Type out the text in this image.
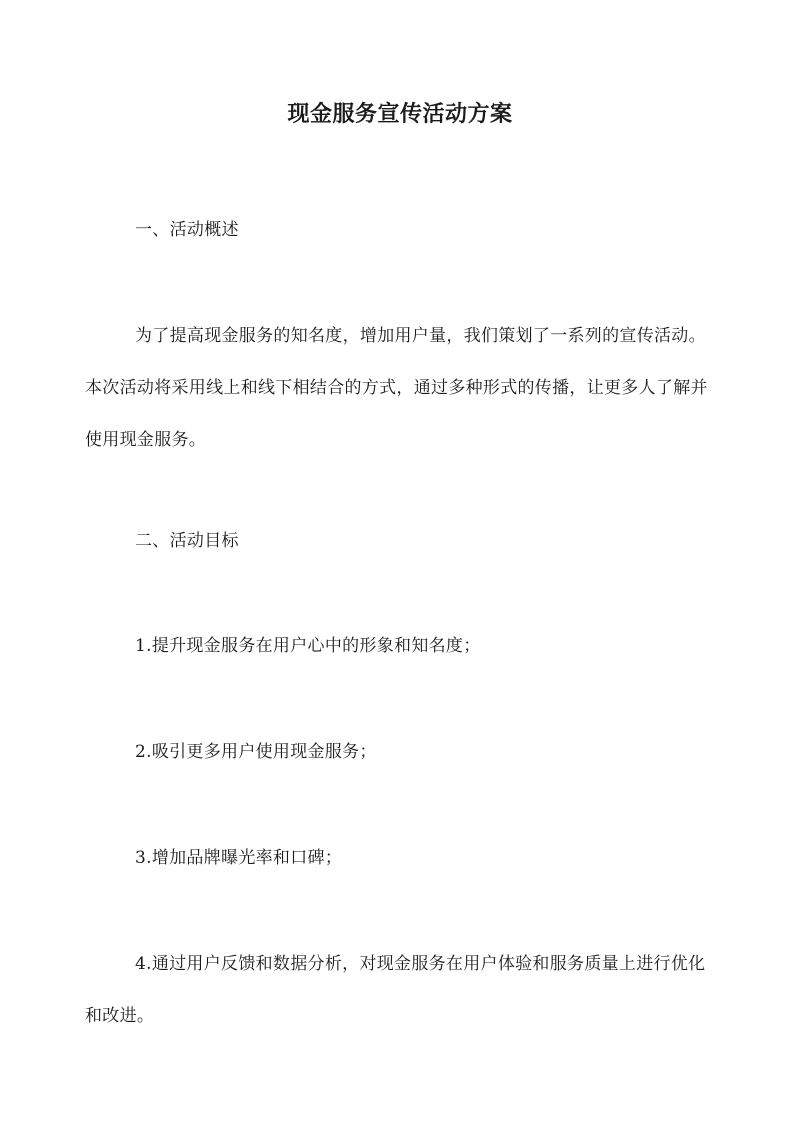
现金服务宣传活动方案
一、活动概述
为了提高现金服务的知名度，增加用户量，我们策划了一系列的宣传活动。本次活动将采用线上和线下相结合的方式，通过多种形式的传播，让更多人了解并使用现金服务。
二、活动目标
1.提升现金服务在用户心中的形象和知名度；
2.吸引更多用户使用现金服务；
3.增加品牌曝光率和口碑；
4.通过用户反馈和数据分析，对现金服务在用户体验和服务质量上进行优化和改进。
